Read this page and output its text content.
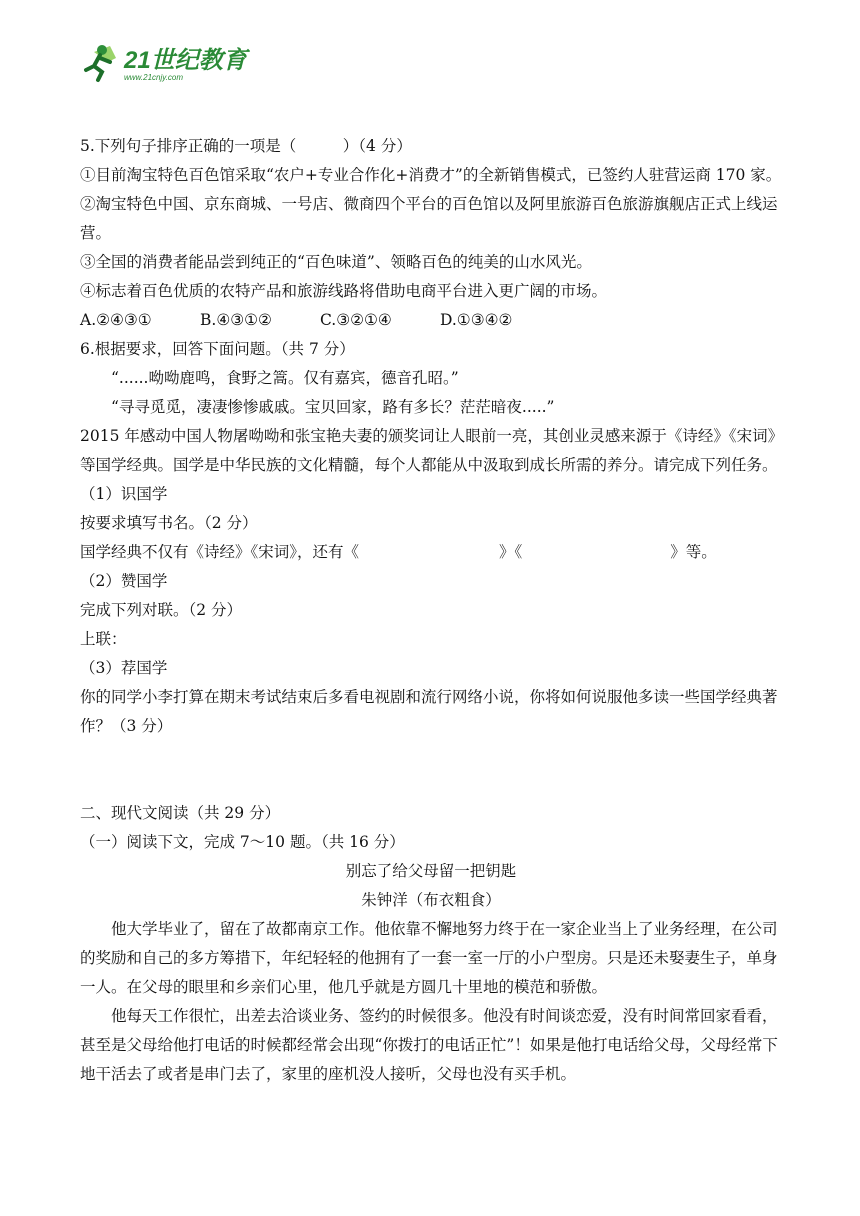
21世纪教育
www.21cnjy.com

5.下列句子排序正确的一项是（　　　）（4 分）

①目前淘宝特色百色馆采取“农户+专业合作化+消费才”的全新销售模式，已签约人驻营运商 170 家。

②淘宝特色中国、京东商城、一号店、微商四个平台的百色馆以及阿里旅游百色旅游旗舰店正式上线运营。

③全国的消费者能品尝到纯正的“百色味道”、领略百色的纯美的山水风光。

④标志着百色优质的农特产品和旅游线路将借助电商平台进入更广阔的市场。

A.②④③①	B.④③①②	C.③②①④	D.①③④②

6.根据要求，回答下面问题。（共 7 分）

“......呦呦鹿鸣，食野之篙。仅有嘉宾，德音孔昭。”

“寻寻觅觅，凄凄惨惨戚戚。宝贝回家，路有多长？茫茫暗夜.....”

2015 年感动中国人物屠呦呦和张宝艳夫妻的颁奖词让人眼前一亮，其创业灵感来源于《诗经》《宋词》等国学经典。国学是中华民族的文化精髓，每个人都能从中汲取到成长所需的养分。请完成下列任务。

（1）识国学

按要求填写书名。（2 分）

国学经典不仅有《诗经》《宋词》，还有《	》《	》等。

（2）赞国学

完成下列对联。（2 分）

上联：

（3）荐国学

你的同学小李打算在期末考试结束后多看电视剧和流行网络小说，你将如何说服他多读一些国学经典著作？（3 分）

二、现代文阅读（共 29 分）

（一）阅读下文，完成 7～10 题。（共 16 分）

别忘了给父母留一把钥匙

朱钟洋（布衣粗食）

他大学毕业了，留在了故都南京工作。他依靠不懈地努力终于在一家企业当上了业务经理，在公司的奖励和自己的多方筹措下，年纪轻轻的他拥有了一套一室一厅的小户型房。只是还未娶妻生子，单身一人。在父母的眼里和乡亲们心里，他几乎就是方圆几十里地的模范和骄傲。

他每天工作很忙，出差去洽谈业务、签约的时候很多。他没有时间谈恋爱，没有时间常回家看看，甚至是父母给他打电话的时候都经常会出现“你拨打的电话正忙”！如果是他打电话给父母，父母经常下地干活去了或者是串门去了，家里的座机没人接听，父母也没有买手机。
